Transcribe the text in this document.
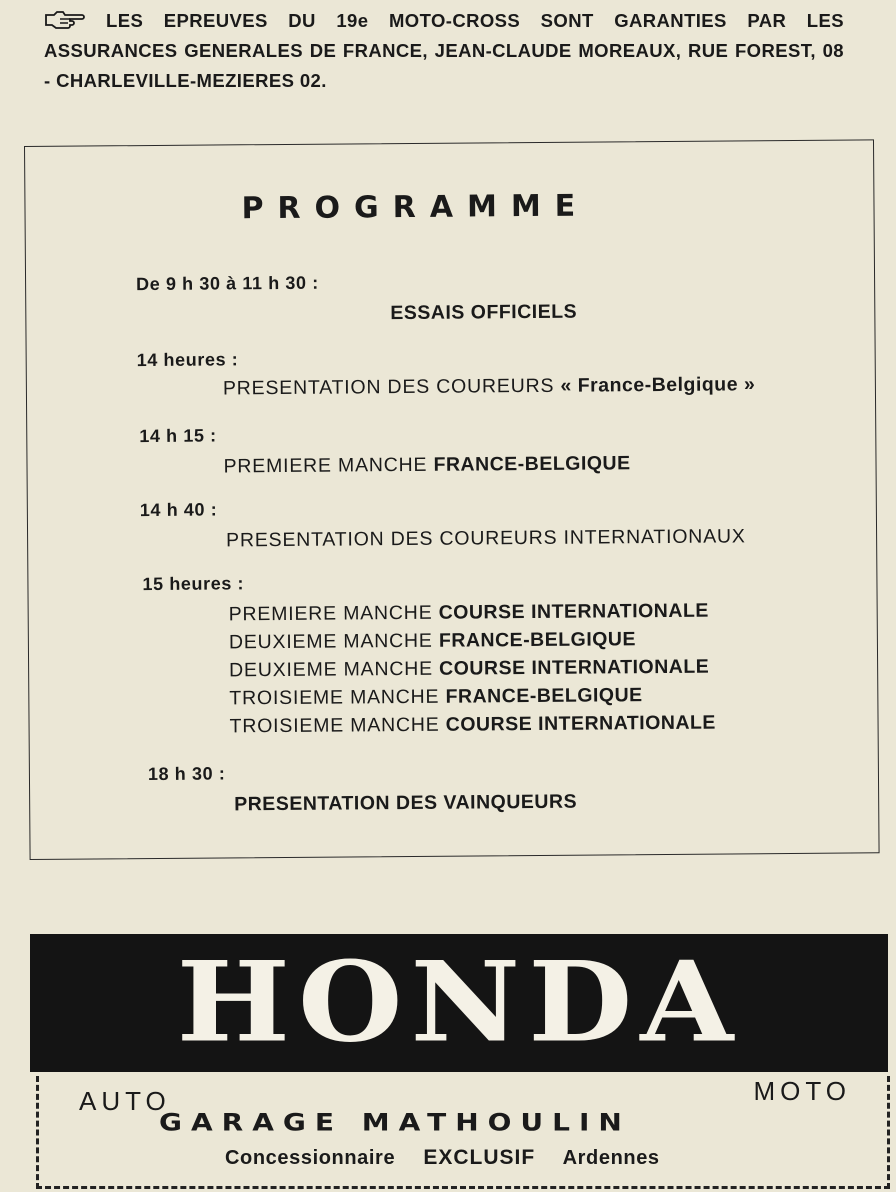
LES EPREUVES DU 19e MOTO-CROSS SONT GARANTIES PAR LES ASSURANCES GENERALES DE FRANCE, JEAN-CLAUDE MOREAUX, RUE FOREST, 08 - CHARLEVILLE-MEZIERES 02.
PROGRAMME
De 9 h 30 à 11 h 30 :
ESSAIS OFFICIELS
14 heures :
PRESENTATION DES COUREURS « France-Belgique »
14 h 15 :
PREMIERE MANCHE FRANCE-BELGIQUE
14 h 40 :
PRESENTATION DES COUREURS INTERNATIONAUX
15 heures :
PREMIERE MANCHE COURSE INTERNATIONALE
DEUXIEME MANCHE FRANCE-BELGIQUE
DEUXIEME MANCHE COURSE INTERNATIONALE
TROISIEME MANCHE FRANCE-BELGIQUE
TROISIEME MANCHE COURSE INTERNATIONALE
18 h 30 :
PRESENTATION DES VAINQUEURS
HONDA
AUTO	MOTO
GARAGE MATHOULIN
Concessionnaire EXCLUSIF Ardennes
